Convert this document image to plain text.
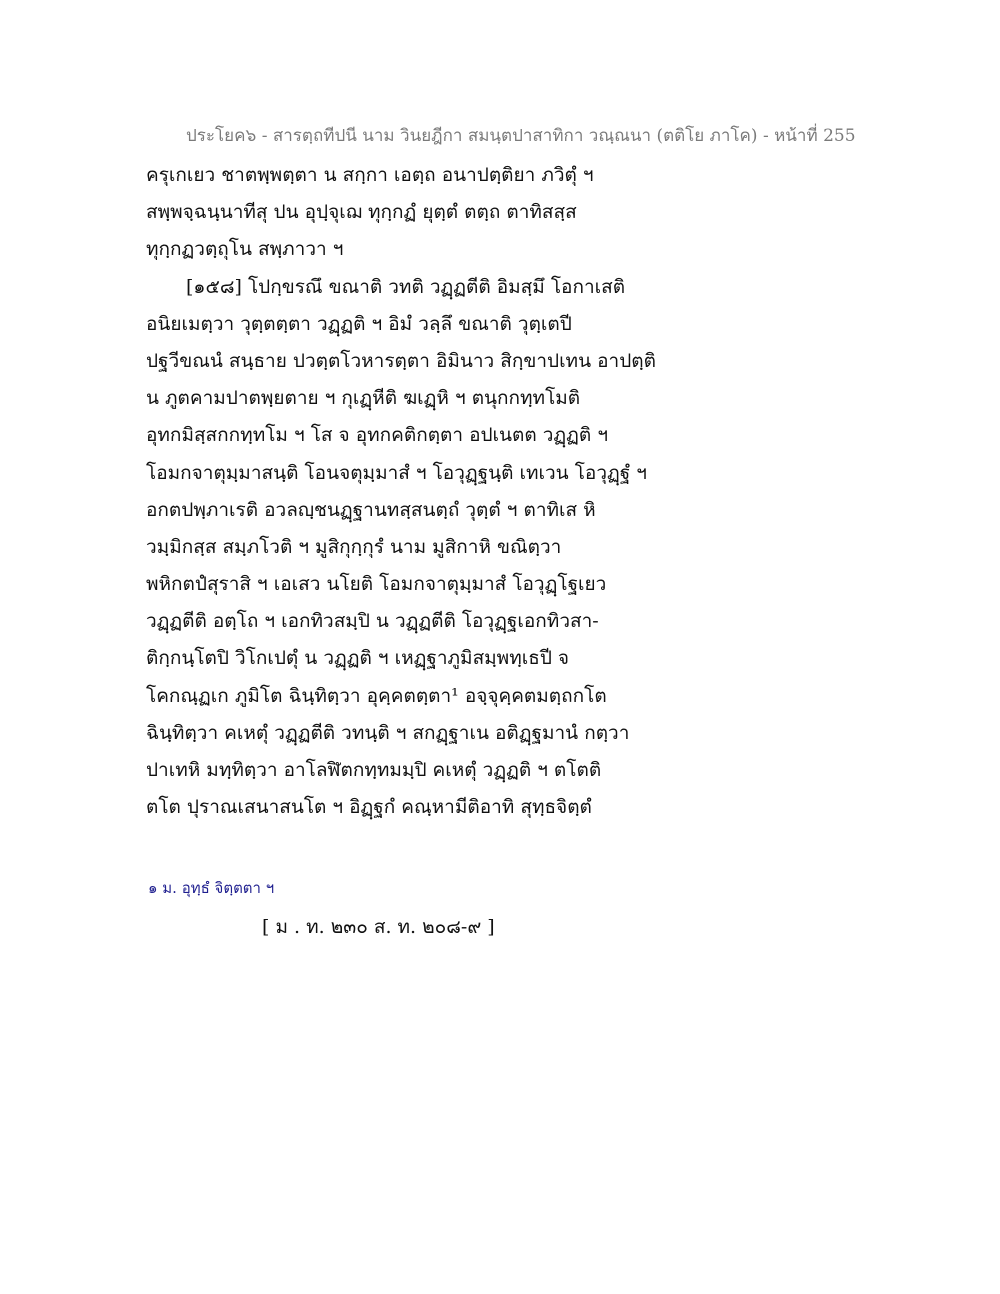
ประโยค๖ - สารตฺถทีปนี นาม วินยฎีกา สมนฺตปาสาทิกา วณฺณนา (ตติโย ภาโค) - หน้าที่ 255
ครุเกเยว ชาตพฺพตฺตา น สกฺกา เอตฺถ อนาปตฺติยา ภวิตุํ ฯ
สพฺพจฺฉนฺนาทีสุ ปน อุปฺจุเฌ ทุกฺกฏํ ยุตฺตํ ตตฺถ ตาทิสสฺส
ทุกฺกฏวตฺถุโน สพฺภาวา ฯ
[๑๕๘] โปกฺขรณึ ขณาติ วทติ วฏฺฏตีติ อิมสฺมึ โอกาเสติ
อนิยเมตฺวา วุตฺตตฺตา วฏฺฏติ ฯ อิมํ วลฺลึ ขณาติ วุตฺเตปี
ปฐวีขณนํ สนฺธาย ปวตฺตโวหารตฺตา อิมินาว สิกฺขาปเทน อาปตฺติ
น ภูตคามปาตพฺยตาย ฯ กุเฏฺหีติ ฆเฏฺหิ ฯ ตนุกกทฺทโมติ
อุทกมิสฺสกกทฺทโม ฯ โส จ อุทกคติกตฺตา อปเนตต วฏฺฏติ ฯ
โอมกจาตุมฺมาสนฺติ โอนจตุมฺมาสํ ฯ โอวุฏฺฐนฺติ เทเวน โอวุฏฺฐํ ฯ
อกตปพฺภาเรติ อวลญฺชนฏฺฐานทสฺสนตฺถํ วุตฺตํ ฯ ตาทิเส หิ
วมฺมิกสฺส สมฺภโวติ ฯ มูสิกุกฺกุรํ นาม มูสิกาหิ ขณิตฺวา
พหิกตปํสุราสิ ฯ เอเสว นโยติ โอมกจาตุมฺมาสํ โอวุฏฺโฐเยว
วฏฺฏตีติ อตฺโถ ฯ เอกทิวสมฺปิ น วฏฺฏตีติ โอวุฏฺฐเอกทิวสา-
ติกฺกนฺโตปิ วิโกเปตุํ น วฏฺฏติ ฯ เหฏฺฐาภูมิสมฺพทฺเธปี จ
โคกณฺฏเก ภูมิโต ฉินฺทิตฺวา อุคฺคตตฺตา¹ อจฺจุคฺคตมตฺถกโต
ฉินฺทิตฺวา คเหตุํ วฏฺฏตีติ วทนฺติ ฯ สกฏฺฐาเน อติฏฺฐมานํ กตฺวา
ปาเทหิ มทฺทิตฺวา อาโลฬิตกทฺทมมฺปิ คเหตุํ วฏฺฏติ ฯ ตโตติ
ตโต ปุราณเสนาสนโต ฯ อิฏฺฐกํ คณฺหามีติอาทิ สุทฺธจิตฺตํ
๑ ม. อุทฺธํ จิตฺตตา ฯ
[ ม . ท. ๒๓๐ ส. ท. ๒๐๘-๙ ]
